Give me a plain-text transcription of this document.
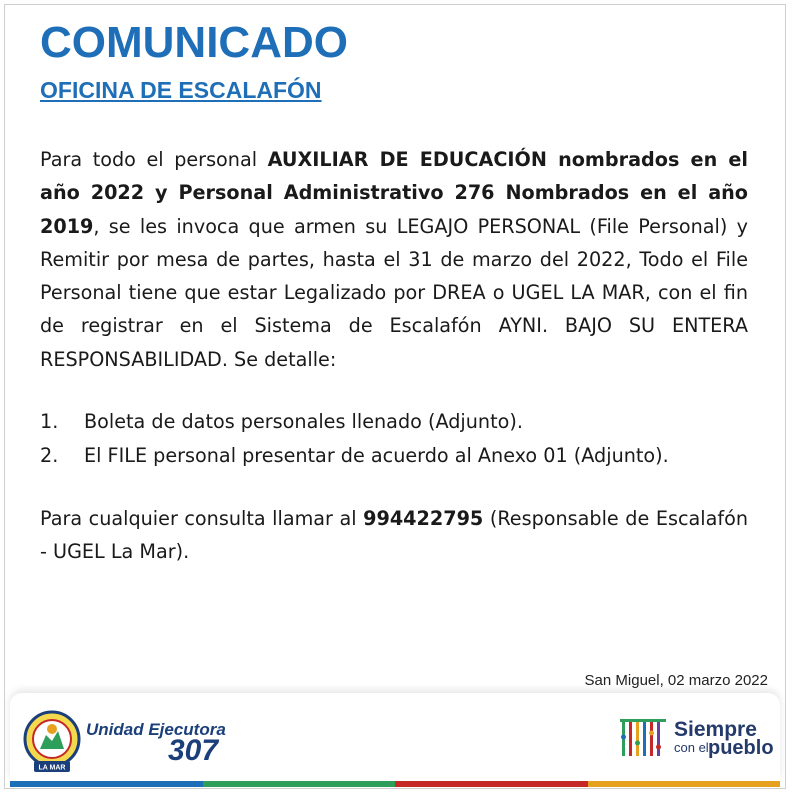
COMUNICADO
OFICINA DE ESCALAFÓN

Para todo el personal AUXILIAR DE EDUCACIÓN nombrados en el año 2022 y Personal Administrativo 276 Nombrados en el año 2019, se les invoca que armen su LEGAJO PERSONAL (File Personal) y Remitir por mesa de partes, hasta el 31 de marzo del 2022, Todo el File Personal tiene que estar Legalizado por DREA o UGEL LA MAR, con el fin de registrar en el Sistema de Escalafón AYNI. BAJO SU ENTERA RESPONSABILIDAD. Se detalle:

1.	Boleta de datos personales llenado (Adjunto).
2.	El FILE personal presentar de acuerdo al Anexo 01 (Adjunto).

Para cualquier consulta llamar al 994422795 (Responsable de Escalafón - UGEL La Mar).

San Miguel, 02 marzo 2022
LA MAR
Unidad Ejecutora
307
Siempre
con el pueblo
